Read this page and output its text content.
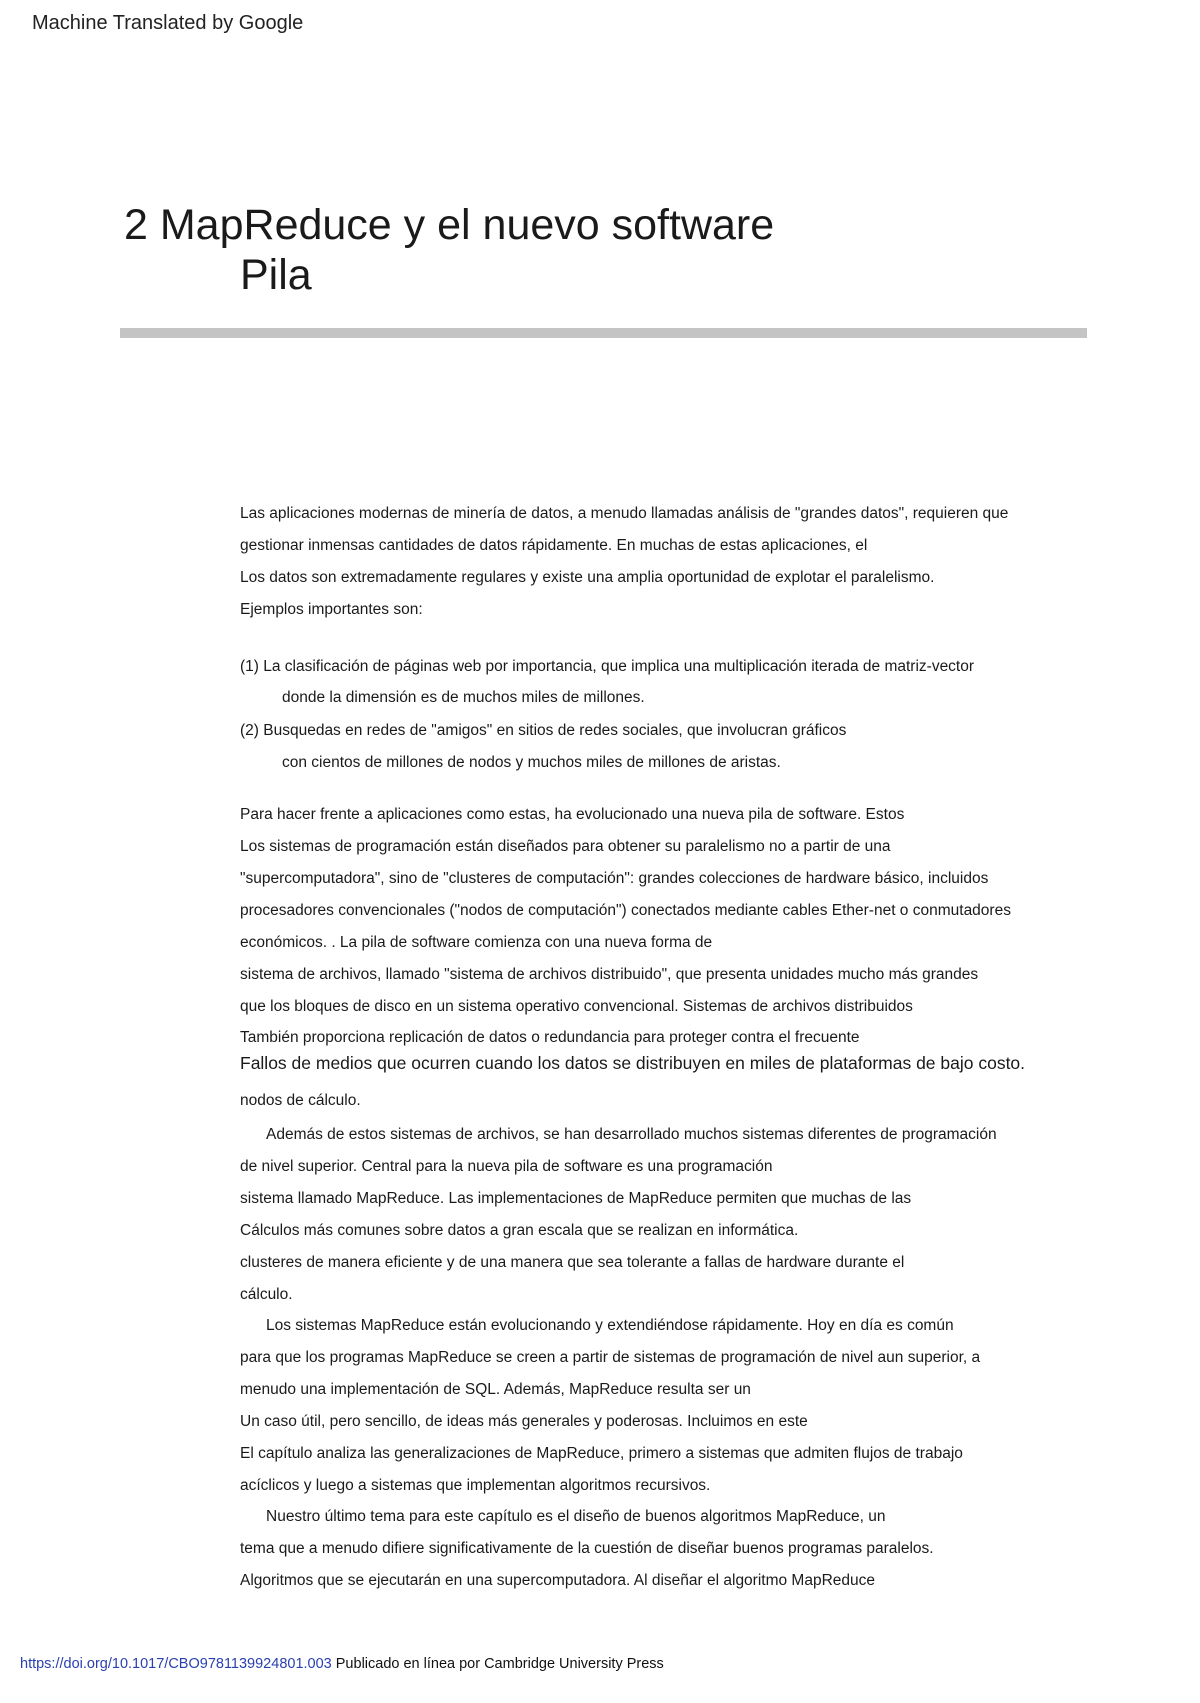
Machine Translated by Google
2 MapReduce y el nuevo software
Pila
Las aplicaciones modernas de minería de datos, a menudo llamadas análisis de "grandes datos", requieren que
gestionar inmensas cantidades de datos rápidamente. En muchas de estas aplicaciones, el
Los datos son extremadamente regulares y existe una amplia oportunidad de explotar el paralelismo.
Ejemplos importantes son:
(1) La clasificación de páginas web por importancia, que implica una multiplicación iterada de matriz-vector
donde la dimensión es de muchos miles de millones.
(2) Busquedas en redes de "amigos" en sitios de redes sociales, que involucran gráficos
con cientos de millones de nodos y muchos miles de millones de aristas.
Para hacer frente a aplicaciones como estas, ha evolucionado una nueva pila de software. Estos
Los sistemas de programación están diseñados para obtener su paralelismo no a partir de una
"supercomputadora", sino de "clusteres de computación": grandes colecciones de hardware básico, incluidos
procesadores convencionales ("nodos de computación") conectados mediante cables Ether-net o conmutadores
económicos. . La pila de software comienza con una nueva forma de
sistema de archivos, llamado "sistema de archivos distribuido", que presenta unidades mucho más grandes
que los bloques de disco en un sistema operativo convencional. Sistemas de archivos distribuidos
También proporciona replicación de datos o redundancia para proteger contra el frecuente
Fallos de medios que ocurren cuando los datos se distribuyen en miles de plataformas de bajo costo.
nodos de cálculo.
Además de estos sistemas de archivos, se han desarrollado muchos sistemas diferentes de programación
de nivel superior. Central para la nueva pila de software es una programación
sistema llamado MapReduce. Las implementaciones de MapReduce permiten que muchas de las
Cálculos más comunes sobre datos a gran escala que se realizan en informática.
clusteres de manera eficiente y de una manera que sea tolerante a fallas de hardware durante el
cálculo.
Los sistemas MapReduce están evolucionando y extendiéndose rápidamente. Hoy en día es común
para que los programas MapReduce se creen a partir de sistemas de programación de nivel aun superior, a
menudo una implementación de SQL. Además, MapReduce resulta ser un
Un caso útil, pero sencillo, de ideas más generales y poderosas. Incluimos en este
El capítulo analiza las generalizaciones de MapReduce, primero a sistemas que admiten flujos de trabajo
acíclicos y luego a sistemas que implementan algoritmos recursivos.
Nuestro último tema para este capítulo es el diseño de buenos algoritmos MapReduce, un
tema que a menudo difiere significativamente de la cuestión de diseñar buenos programas paralelos.
Algoritmos que se ejecutarán en una supercomputadora. Al diseñar el algoritmo MapReduce
https://doi.org/10.1017/CBO9781139924801.003 Publicado en línea por Cambridge University Press
